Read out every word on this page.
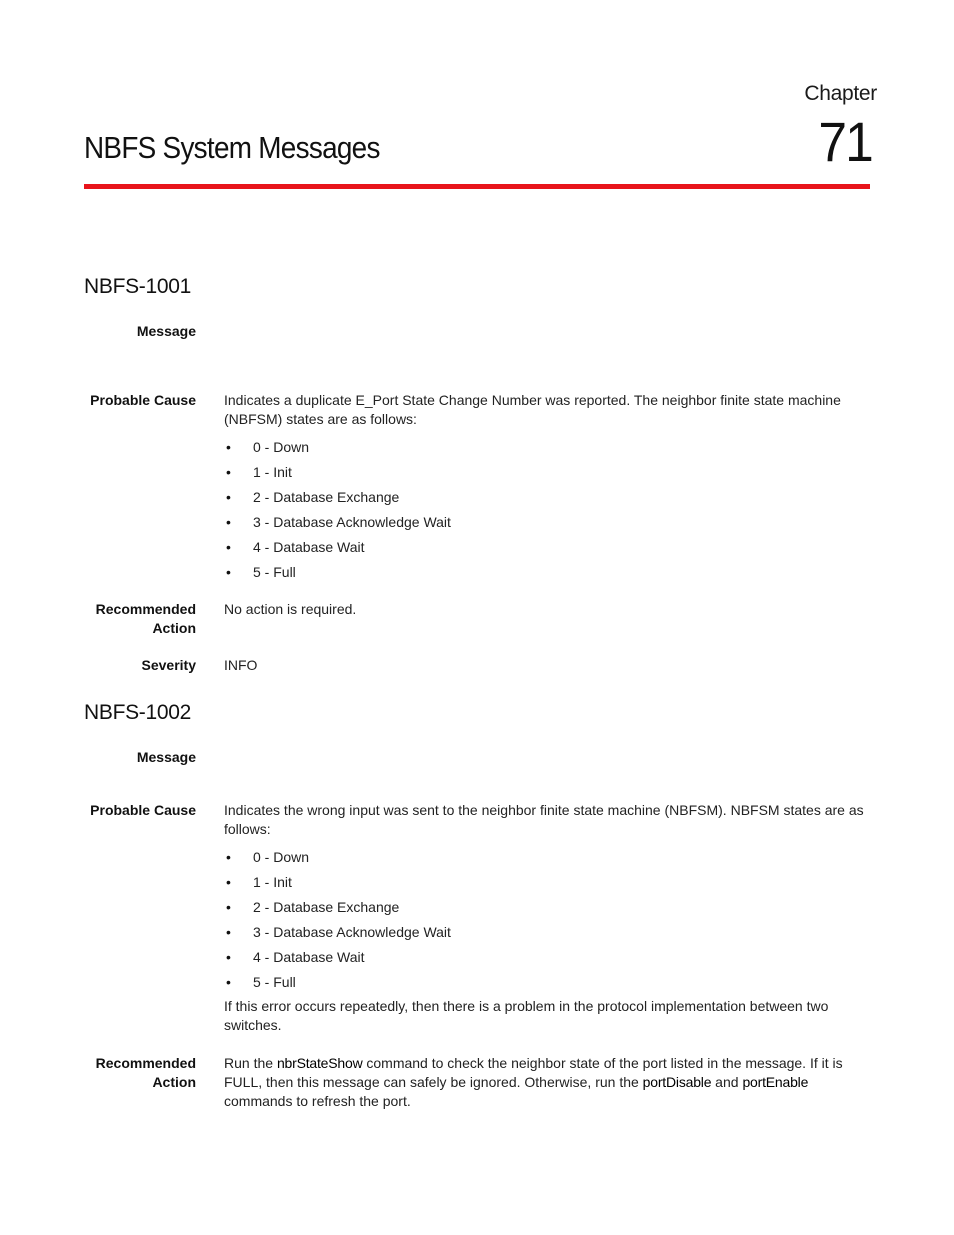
Chapter
71
NBFS System Messages
NBFS-1001
Message
Probable Cause Indicates a duplicate E_Port State Change Number was reported. The neighbor finite state machine (NBFSM) states are as follows:
• 0 - Down
• 1 - Init
• 2 - Database Exchange
• 3 - Database Acknowledge Wait
• 4 - Database Wait
• 5 - Full
Recommended
Action
No action is required.
Severity INFO
NBFS-1002
Message
Probable Cause Indicates the wrong input was sent to the neighbor finite state machine (NBFSM). NBFSM states are as follows:
• 0 - Down
• 1 - Init
• 2 - Database Exchange
• 3 - Database Acknowledge Wait
• 4 - Database Wait
• 5 - Full
If this error occurs repeatedly, then there is a problem in the protocol implementation between two switches.
Recommended
Action
Run the nbrStateShow command to check the neighbor state of the port listed in the message. If it is FULL, then this message can safely be ignored. Otherwise, run the portDisable and portEnable commands to refresh the port.
